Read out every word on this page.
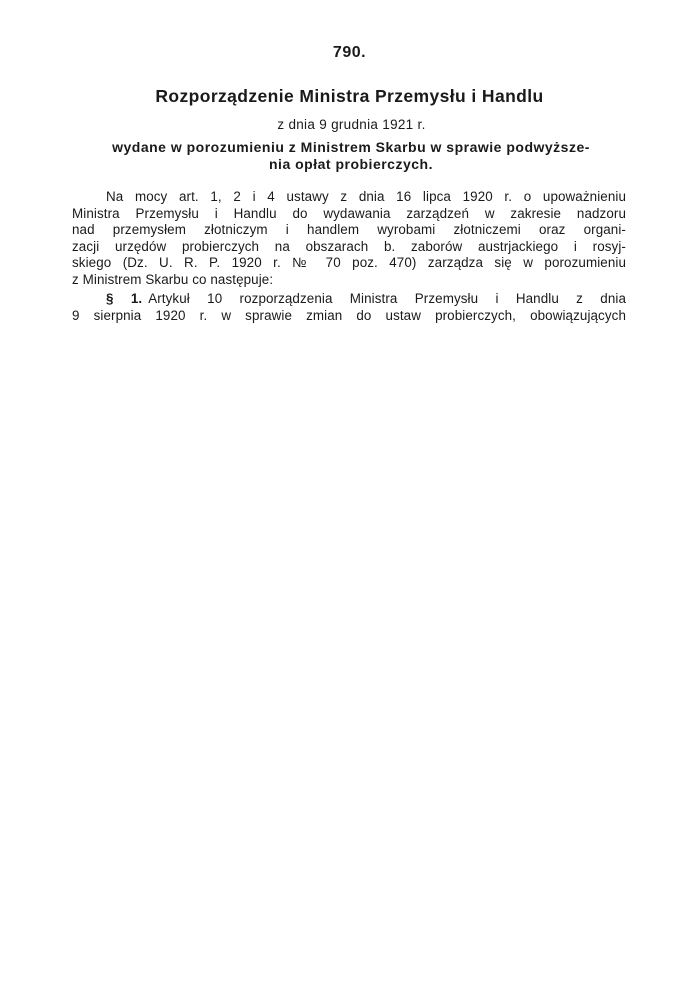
790.
Rozporządzenie Ministra Przemysłu i Handlu
z dnia 9 grudnia 1921 r.
wydane w porozumieniu z Ministrem Skarbu w sprawie podwyższe-
nia opłat probierczych.
Na mocy art. 1, 2 i 4 ustawy z dnia 16 lipca 1920 r. o upoważnieniu
Ministra Przemysłu i Handlu do wydawania zarządzeń w zakresie nadzoru
nad przemysłem złotniczym i handlem wyrobami złotniczemi oraz organi-
zacji urzędów probierczych na obszarach b. zaborów austrjackiego i rosyj-
skiego (Dz. U. R. P. 1920 r. № 70 poz. 470) zarządza się w porozumieniu
z Ministrem Skarbu co następuje:
§ 1. Artykuł 10 rozporządzenia Ministra Przemysłu i Handlu z dnia
9 sierpnia 1920 r. w sprawie zmian do ustaw probierczych, obowiązujących
